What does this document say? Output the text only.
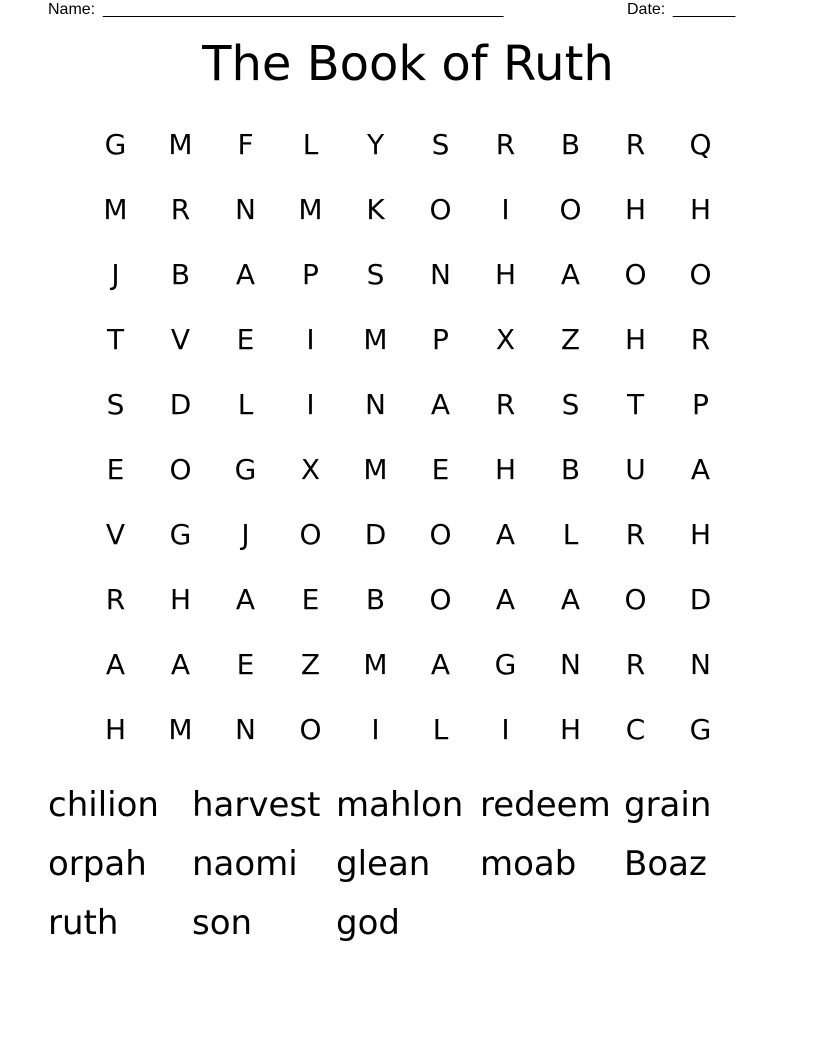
Name: _____________________________________________	Date: _______
The Book of Ruth
G	M	F	L	Y	S	R	B	R	Q
M	R	N	M	K	O	I	O	H	H
J	B	A	P	S	N	H	A	O	O
T	V	E	I	M	P	X	Z	H	R
S	D	L	I	N	A	R	S	T	P
E	O	G	X	M	E	H	B	U	A
V	G	J	O	D	O	A	L	R	H
R	H	A	E	B	O	A	A	O	D
A	A	E	Z	M	A	G	N	R	N
H	M	N	O	I	L	I	H	C	G
chilion harvest mahlon redeem grain
orpah	naomi	glean	moab	Boaz
ruth	son	god
